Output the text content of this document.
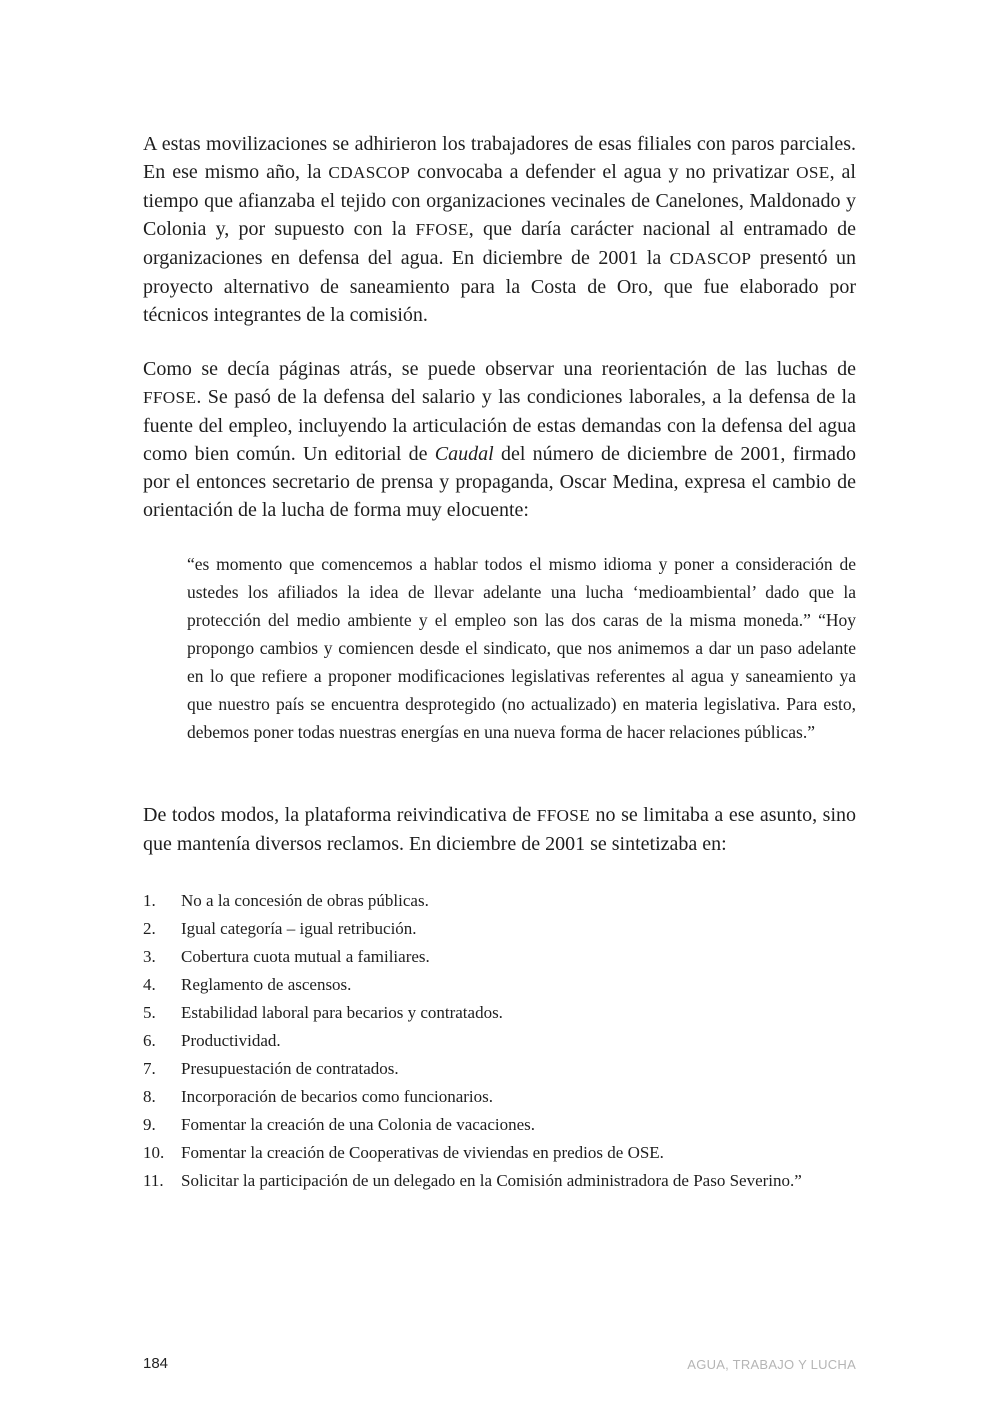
A estas movilizaciones se adhirieron los trabajadores de esas filiales con paros parciales. En ese mismo año, la CDASCOP convocaba a defender el agua y no privatizar OSE, al tiempo que afianzaba el tejido con organizaciones vecinales de Canelones, Maldonado y Colonia y, por supuesto con la FFOSE, que daría carácter nacional al entramado de organizaciones en defensa del agua. En diciembre de 2001 la CDASCOP presentó un proyecto alternativo de saneamiento para la Costa de Oro, que fue elaborado por técnicos integrantes de la comisión.

Como se decía páginas atrás, se puede observar una reorientación de las luchas de FFOSE. Se pasó de la defensa del salario y las condiciones laborales, a la defensa de la fuente del empleo, incluyendo la articulación de estas demandas con la defensa del agua como bien común. Un editorial de Caudal del número de diciembre de 2001, firmado por el entonces secretario de prensa y propaganda, Oscar Medina, expresa el cambio de orientación de la lucha de forma muy elocuente:

“es momento que comencemos a hablar todos el mismo idioma y poner a consideración de ustedes los afiliados la idea de llevar adelante una lucha ‘medioambiental’ dado que la protección del medio ambiente y el empleo son las dos caras de la misma moneda.” “Hoy propongo cambios y comiencen desde el sindicato, que nos animemos a dar un paso adelante en lo que refiere a proponer modificaciones legislativas referentes al agua y saneamiento ya que nuestro país se encuentra desprotegido (no actualizado) en materia legislativa. Para esto, debemos poner todas nuestras energías en una nueva forma de hacer relaciones públicas.”

De todos modos, la plataforma reivindicativa de FFOSE no se limitaba a ese asunto, sino que mantenía diversos reclamos. En diciembre de 2001 se sintetizaba en:

1.	No a la concesión de obras públicas.
2.	Igual categoría – igual retribución.
3.	Cobertura cuota mutual a familiares.
4.	Reglamento de ascensos.
5.	Estabilidad laboral para becarios y contratados.
6.	Productividad.
7.	Presupuestación de contratados.
8.	Incorporación de becarios como funcionarios.
9.	Fomentar la creación de una Colonia de vacaciones.
10. Fomentar la creación de Cooperativas de viviendas en predios de OSE.
11.	Solicitar la participación de un delegado en la Comisión administradora de Paso Severino.”
184	AGUA, TRABAJO Y LUCHA
